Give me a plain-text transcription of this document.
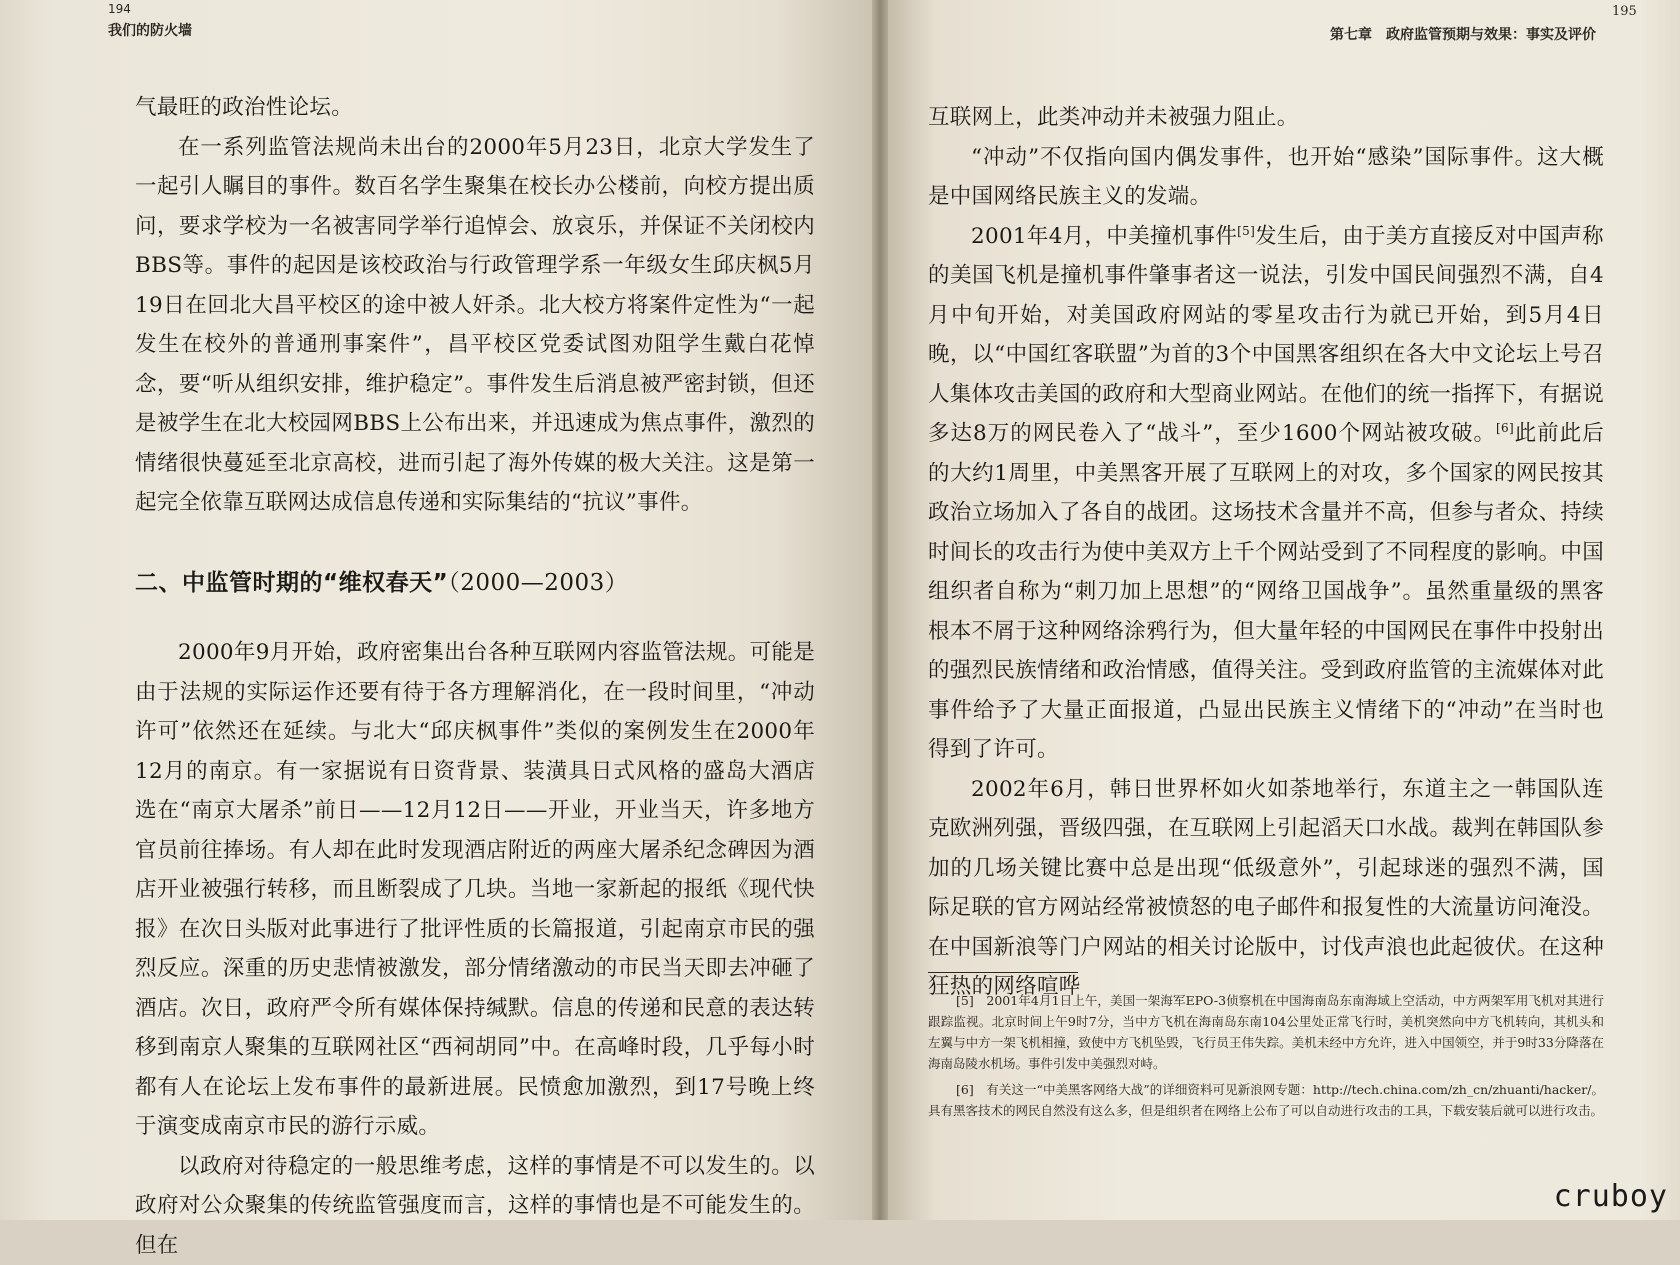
194
我们的防火墙

气最旺的政治性论坛。

在一系列监管法规尚未出台的2000年5月23日，北京大学发生了一起引人瞩目的事件。数百名学生聚集在校长办公楼前，向校方提出质问，要求学校为一名被害同学举行追悼会、放哀乐，并保证不关闭校内BBS等。事件的起因是该校政治与行政管理学系一年级女生邱庆枫5月19日在回北大昌平校区的途中被人奸杀。北大校方将案件定性为“一起发生在校外的普通刑事案件”，昌平校区党委试图劝阻学生戴白花悼念，要“听从组织安排，维护稳定”。事件发生后消息被严密封锁，但还是被学生在北大校园网BBS上公布出来，并迅速成为焦点事件，激烈的情绪很快蔓延至北京高校，进而引起了海外传媒的极大关注。这是第一起完全依靠互联网达成信息传递和实际集结的“抗议”事件。

二、中监管时期的“维权春天”（2000—2003）

2000年9月开始，政府密集出台各种互联网内容监管法规。可能是由于法规的实际运作还要有待于各方理解消化，在一段时间里，“冲动许可”依然还在延续。与北大“邱庆枫事件”类似的案例发生在2000年12月的南京。有一家据说有日资背景、装潢具日式风格的盛岛大酒店选在“南京大屠杀”前日——12月12日——开业，开业当天，许多地方官员前往捧场。有人却在此时发现酒店附近的两座大屠杀纪念碑因为酒店开业被强行转移，而且断裂成了几块。当地一家新起的报纸《现代快报》在次日头版对此事进行了批评性质的长篇报道，引起南京市民的强烈反应。深重的历史悲情被激发，部分情绪激动的市民当天即去冲砸了酒店。次日，政府严令所有媒体保持缄默。信息的传递和民意的表达转移到南京人聚集的互联网社区“西祠胡同”中。在高峰时段，几乎每小时都有人在论坛上发布事件的最新进展。民愤愈加激烈，到17号晚上终于演变成南京市民的游行示威。

以政府对待稳定的一般思维考虑，这样的事情是不可以发生的。以政府对公众聚集的传统监管强度而言，这样的事情也是不可能发生的。但在

195
第七章　政府监管预期与效果：事实及评价

互联网上，此类冲动并未被强力阻止。

“冲动”不仅指向国内偶发事件，也开始“感染”国际事件。这大概是中国网络民族主义的发端。

2001年4月，中美撞机事件[5]发生后，由于美方直接反对中国声称的美国飞机是撞机事件肇事者这一说法，引发中国民间强烈不满，自4月中旬开始，对美国政府网站的零星攻击行为就已开始，到5月4日晚，以“中国红客联盟”为首的3个中国黑客组织在各大中文论坛上号召人集体攻击美国的政府和大型商业网站。在他们的统一指挥下，有据说多达8万的网民卷入了“战斗”，至少1600个网站被攻破。[6]此前此后的大约1周里，中美黑客开展了互联网上的对攻，多个国家的网民按其政治立场加入了各自的战团。这场技术含量并不高，但参与者众、持续时间长的攻击行为使中美双方上千个网站受到了不同程度的影响。中国组织者自称为“刺刀加上思想”的“网络卫国战争”。虽然重量级的黑客根本不屑于这种网络涂鸦行为，但大量年轻的中国网民在事件中投射出的强烈民族情绪和政治情感，值得关注。受到政府监管的主流媒体对此事件给予了大量正面报道，凸显出民族主义情绪下的“冲动”在当时也得到了许可。

2002年6月，韩日世界杯如火如荼地举行，东道主之一韩国队连克欧洲列强，晋级四强，在互联网上引起滔天口水战。裁判在韩国队参加的几场关键比赛中总是出现“低级意外”，引起球迷的强烈不满，国际足联的官方网站经常被愤怒的电子邮件和报复性的大流量访问淹没。在中国新浪等门户网站的相关讨论版中，讨伐声浪也此起彼伏。在这种狂热的网络喧哗

[5]　2001年4月1日上午，美国一架海军EPO-3侦察机在中国海南岛东南海域上空活动，中方两架军用飞机对其进行跟踪监视。北京时间上午9时7分，当中方飞机在海南岛东南104公里处正常飞行时，美机突然向中方飞机转向，其机头和左翼与中方一架飞机相撞，致使中方飞机坠毁，飞行员王伟失踪。美机未经中方允许，进入中国领空，并于9时33分降落在海南岛陵水机场。事件引发中美强烈对峙。

[6]　有关这一“中美黑客网络大战”的详细资料可见新浪网专题：http://tech.china.com/zh_cn/zhuanti/hacker/。具有黑客技术的网民自然没有这么多，但是组织者在网络上公布了可以自动进行攻击的工具，下载安装后就可以进行攻击。

cruboy
